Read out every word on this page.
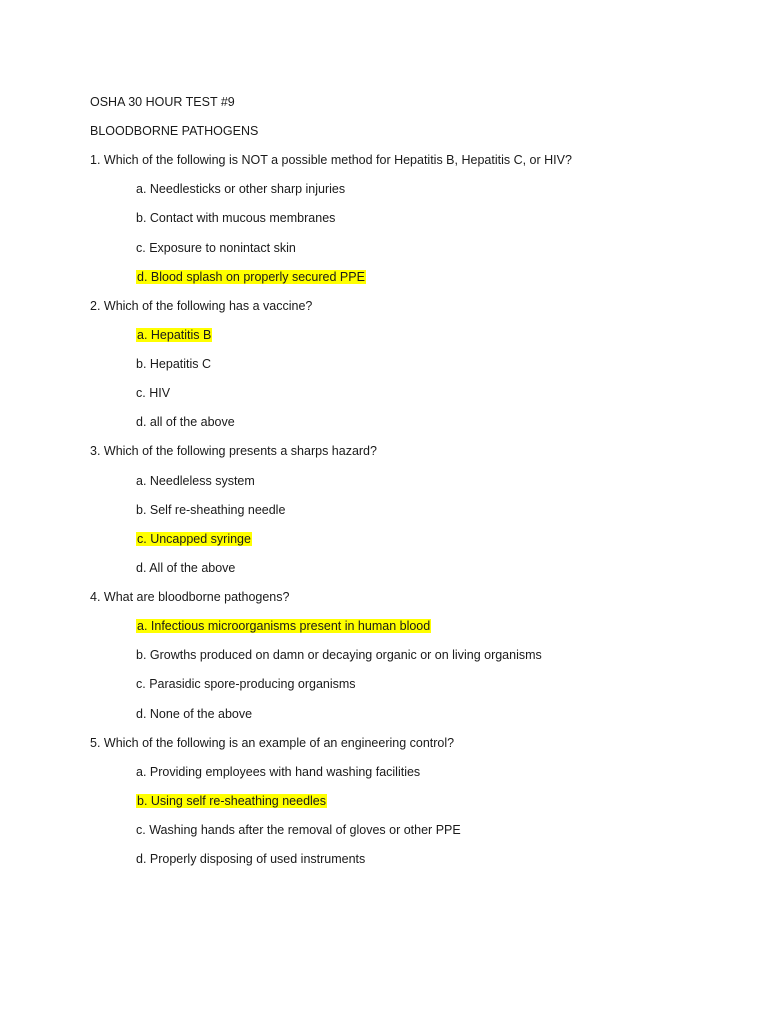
OSHA 30 HOUR TEST #9
BLOODBORNE PATHOGENS
1. Which of the following is NOT a possible method for Hepatitis B, Hepatitis C, or HIV?
a. Needlesticks or other sharp injuries
b. Contact with mucous membranes
c. Exposure to nonintact skin
d. Blood splash on properly secured PPE
2. Which of the following has a vaccine?
a. Hepatitis B
b. Hepatitis C
c. HIV
d. all of the above
3. Which of the following presents a sharps hazard?
a. Needleless system
b. Self re-sheathing needle
c. Uncapped syringe
d. All of the above
4. What are bloodborne pathogens?
a. Infectious microorganisms present in human blood
b. Growths produced on damn or decaying organic or on living organisms
c. Parasidic spore-producing organisms
d. None of the above
5. Which of the following is an example of an engineering control?
a. Providing employees with hand washing facilities
b. Using self re-sheathing needles
c. Washing hands after the removal of gloves or other PPE
d. Properly disposing of used instruments
